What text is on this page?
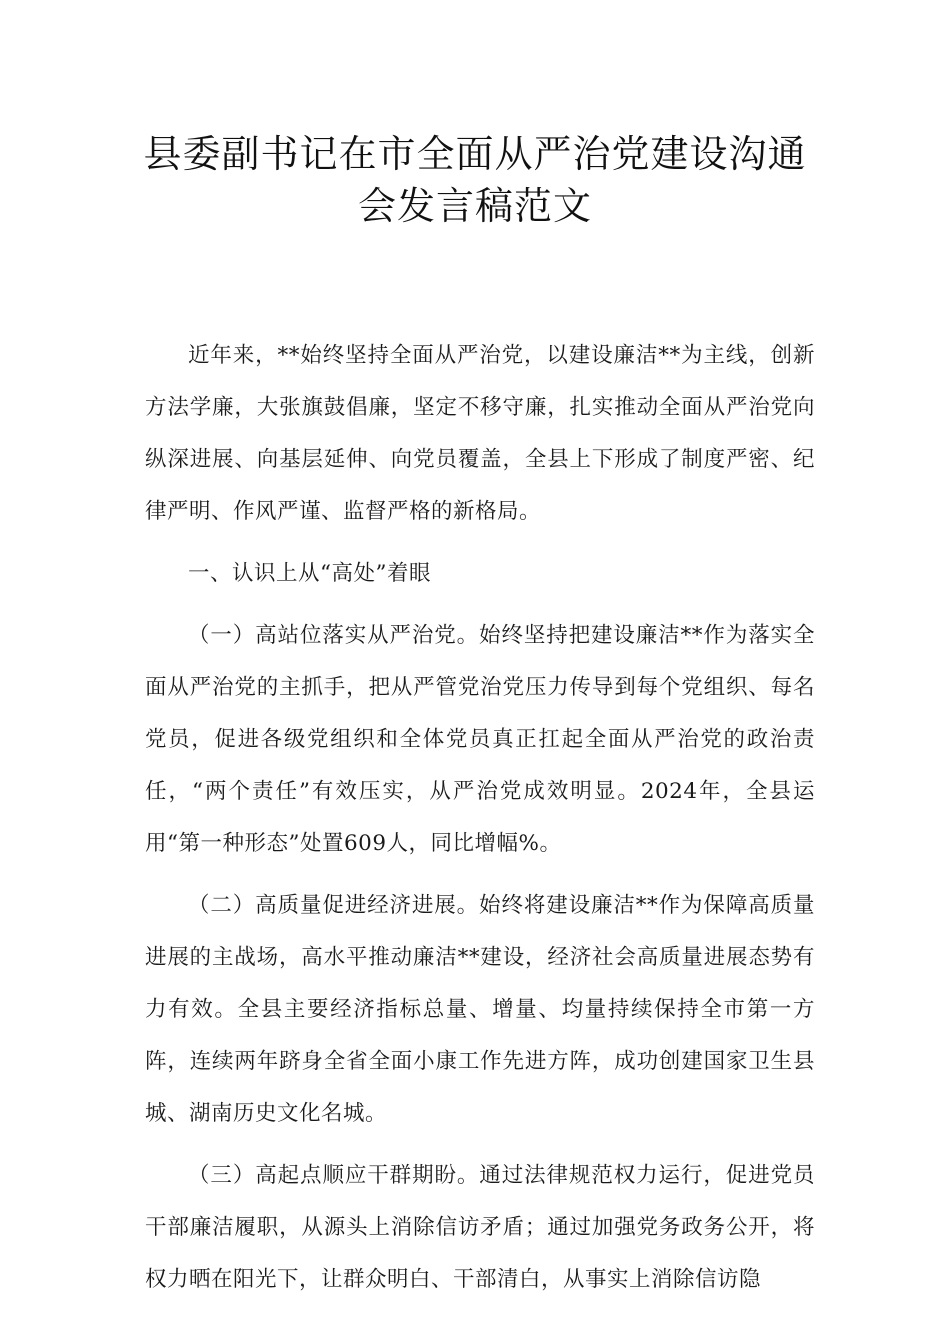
县委副书记在市全面从严治党建设沟通
会发言稿范文

近年来，**始终坚持全面从严治党，以建设廉洁**为主线，创新方法学廉，大张旗鼓倡廉，坚定不移守廉，扎实推动全面从严治党向纵深进展、向基层延伸、向党员覆盖，全县上下形成了制度严密、纪律严明、作风严谨、监督严格的新格局。

一、认识上从“高处”着眼

（一）高站位落实从严治党。始终坚持把建设廉洁**作为落实全面从严治党的主抓手，把从严管党治党压力传导到每个党组织、每名党员，促进各级党组织和全体党员真正扛起全面从严治党的政治责任，“两个责任”有效压实，从严治党成效明显。2024年，全县运用“第一种形态”处置609人，同比增幅%。

（二）高质量促进经济进展。始终将建设廉洁**作为保障高质量进展的主战场，高水平推动廉洁**建设，经济社会高质量进展态势有力有效。全县主要经济指标总量、增量、均量持续保持全市第一方阵，连续两年跻身全省全面小康工作先进方阵，成功创建国家卫生县城、湖南历史文化名城。

（三）高起点顺应干群期盼。通过法律规范权力运行，促进党员干部廉洁履职，从源头上消除信访矛盾；通过加强党务政务公开，将权力晒在阳光下，让群众明白、干部清白，从事实上消除信访隐
